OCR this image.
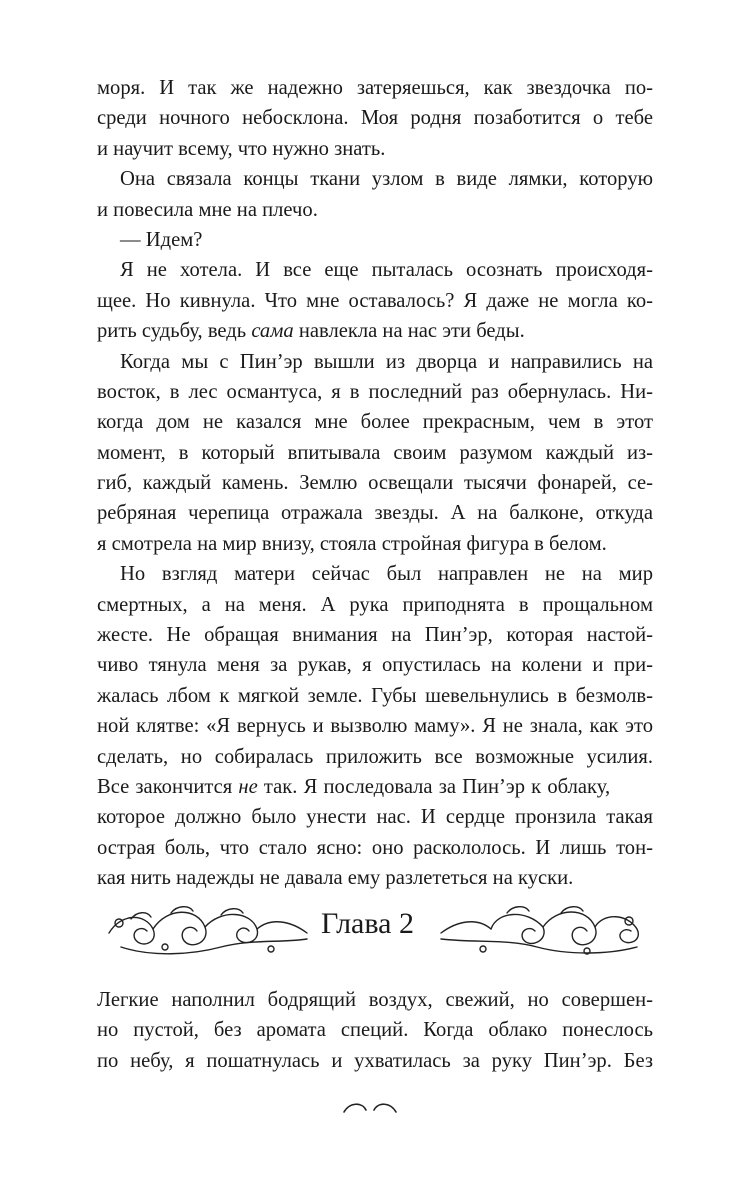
моря. И так же надежно затеряешься, как звездочка по-
среди ночного небосклона. Моя родня позаботится о тебе
и научит всему, что нужно знать.
Она связала концы ткани узлом в виде лямки, которую
и повесила мне на плечо.
— Идем?
Я не хотела. И все еще пыталась осознать происходя-
щее. Но кивнула. Что мне оставалось? Я даже не могла ко-
рить судьбу, ведь сама навлекла на нас эти беды.
Когда мы с Пин’эр вышли из дворца и направились на
восток, в лес османтуса, я в последний раз обернулась. Ни-
когда дом не казался мне более прекрасным, чем в этот
момент, в который впитывала своим разумом каждый из-
гиб, каждый камень. Землю освещали тысячи фонарей, се-
ребряная черепица отражала звезды. А на балконе, откуда
я смотрела на мир внизу, стояла стройная фигура в белом.
Но взгляд матери сейчас был направлен не на мир
смертных, а на меня. А рука приподнята в прощальном
жесте. Не обращая внимания на Пин’эр, которая настой-
чиво тянула меня за рукав, я опустилась на колени и при-
жалась лбом к мягкой земле. Губы шевельнулись в безмолв-
ной клятве: «Я вернусь и вызволю маму». Я не знала, как это
сделать, но собиралась приложить все возможные усилия.
Все закончится не так. Я последовала за Пин’эр к облаку,
которое должно было унести нас. И сердце пронзила такая
острая боль, что стало ясно: оно раскололось. И лишь тон-
кая нить надежды не давала ему разлететься на куски.
Глава 2
Легкие наполнил бодрящий воздух, свежий, но совершен-
но пустой, без аромата специй. Когда облако понеслось
по небу, я пошатнулась и ухватилась за руку Пин’эр. Без
